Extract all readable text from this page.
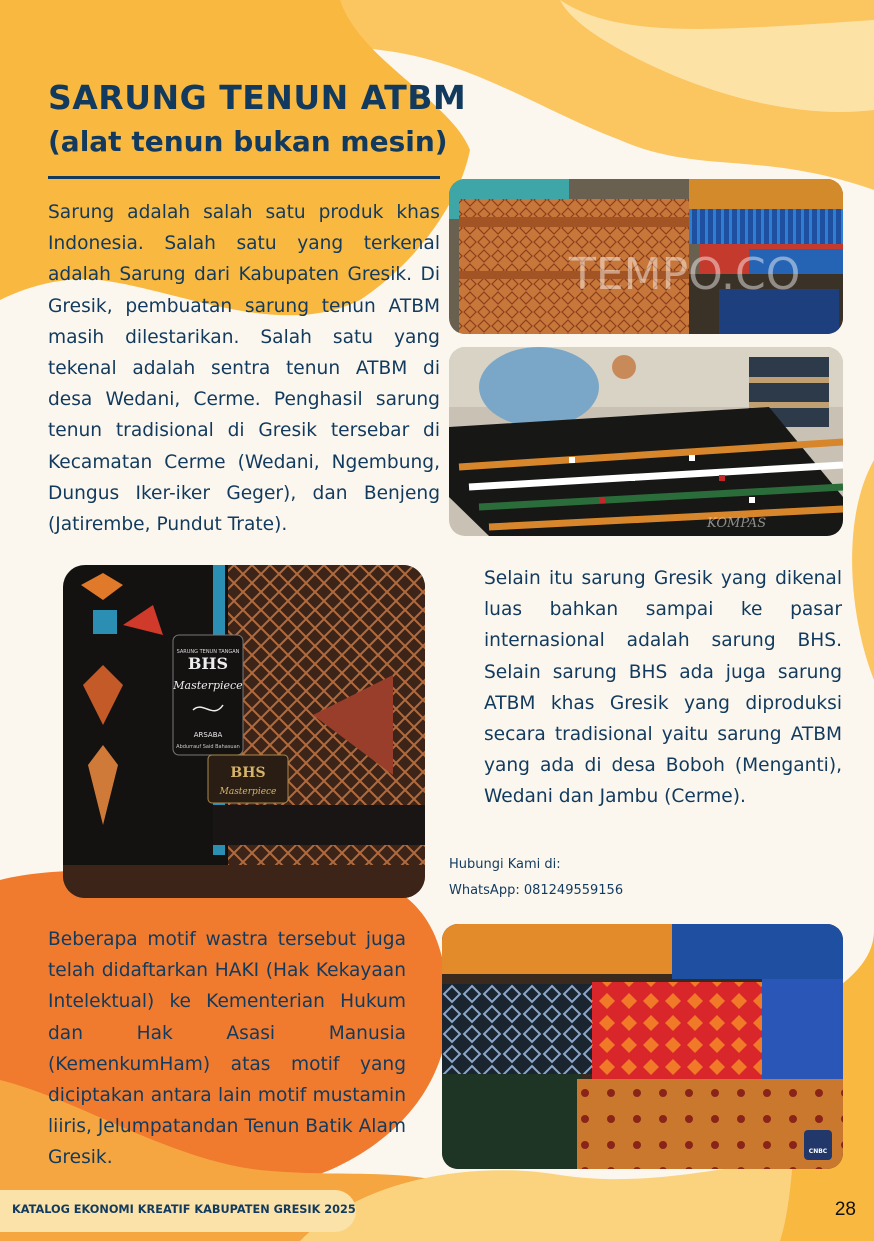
SARUNG TENUN ATBM
(alat tenun bukan mesin)

Sarung adalah salah satu produk khas Indonesia. Salah satu yang terkenal adalah Sarung dari Kabupaten Gresik. Di Gresik, pembuatan sarung tenun ATBM masih dilestarikan. Salah satu yang tekenal adalah sentra tenun ATBM di desa Wedani, Cerme. Penghasil sarung tenun tradisional di Gresik tersebar di Kecamatan Cerme (Wedani, Ngembung, Dungus Iker-iker Geger), dan Benjeng (Jatirembe, Pundut Trate).

TEMPO.CO
KOMPAS
SARUNG TENUN TANGAN
BHS
Masterpiece
ARSABA
Abdurrauf Said Bahasuan
BHS
Masterpiece

Selain itu sarung Gresik yang dikenal luas bahkan sampai ke pasar internasional adalah sarung BHS. Selain sarung BHS ada juga sarung ATBM khas Gresik yang diproduksi secara tradisional yaitu sarung ATBM yang ada di desa Boboh (Menganti), Wedani dan Jambu (Cerme).

Hubungi Kami di:
WhatsApp: 081249559156
CNBC

Beberapa motif wastra tersebut juga telah didaftarkan HAKI (Hak Kekayaan Intelektual) ke Kementerian Hukum dan Hak Asasi Manusia (KemenkumHam) atas motif yang diciptakan antara lain motif mustamin liiris, Jelumpatandan Tenun Batik Alam Gresik.

KATALOG EKONOMI KREATIF KABUPATEN GRESIK 2025	28
